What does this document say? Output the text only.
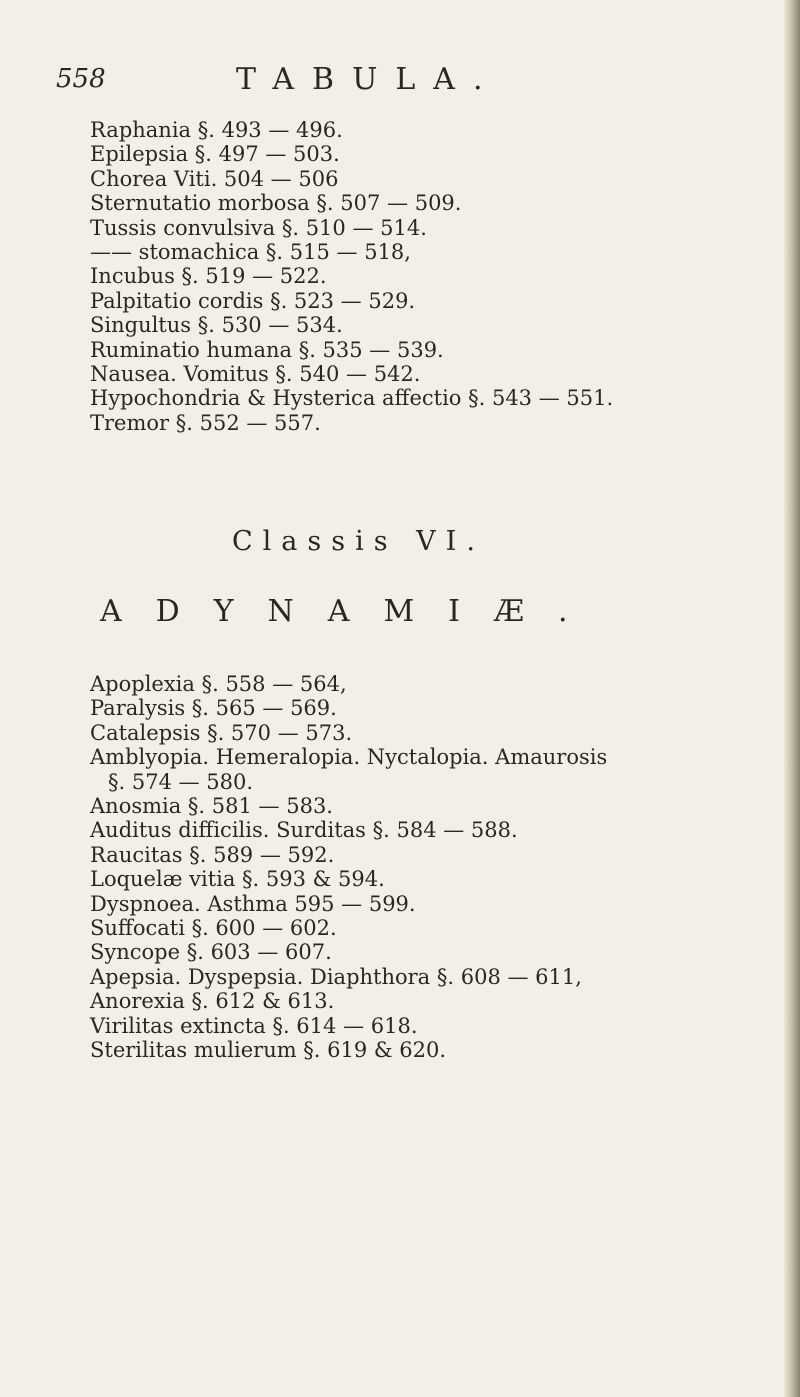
558	TABULA.
Raphania §. 493 — 496.
Epilepsia §. 497 — 503.
Chorea Viti. 504 — 506
Sternutatio morbosa §. 507 — 509.
Tussis convulsiva §. 510 — 514.
—— stomachica §. 515 — 518,
Incubus §. 519 — 522.
Palpitatio cordis §. 523 — 529.
Singultus §. 530 — 534.
Ruminatio humana §. 535 — 539.
Nausea. Vomitus §. 540 — 542.
Hypochondria & Hysterica affectio §. 543 — 551.
Tremor §. 552 — 557.
Classis VI.
ADYNAMIÆ.
Apoplexia §. 558 — 564,
Paralysis §. 565 — 569.
Catalepsis §. 570 — 573.
Amblyopia. Hemeralopia. Nyctalopia. Amaurosis
§. 574 — 580.
Anosmia §. 581 — 583.
Auditus difficilis. Surditas §. 584 — 588.
Raucitas §. 589 — 592.
Loquelæ vitia §. 593 & 594.
Dyspnoea. Asthma 595 — 599.
Suffocati §. 600 — 602.
Syncope §. 603 — 607.
Apepsia. Dyspepsia. Diaphthora §. 608 — 611,
Anorexia §. 612 & 613.
Virilitas extincta §. 614 — 618.
Sterilitas mulierum §. 619 & 620.
